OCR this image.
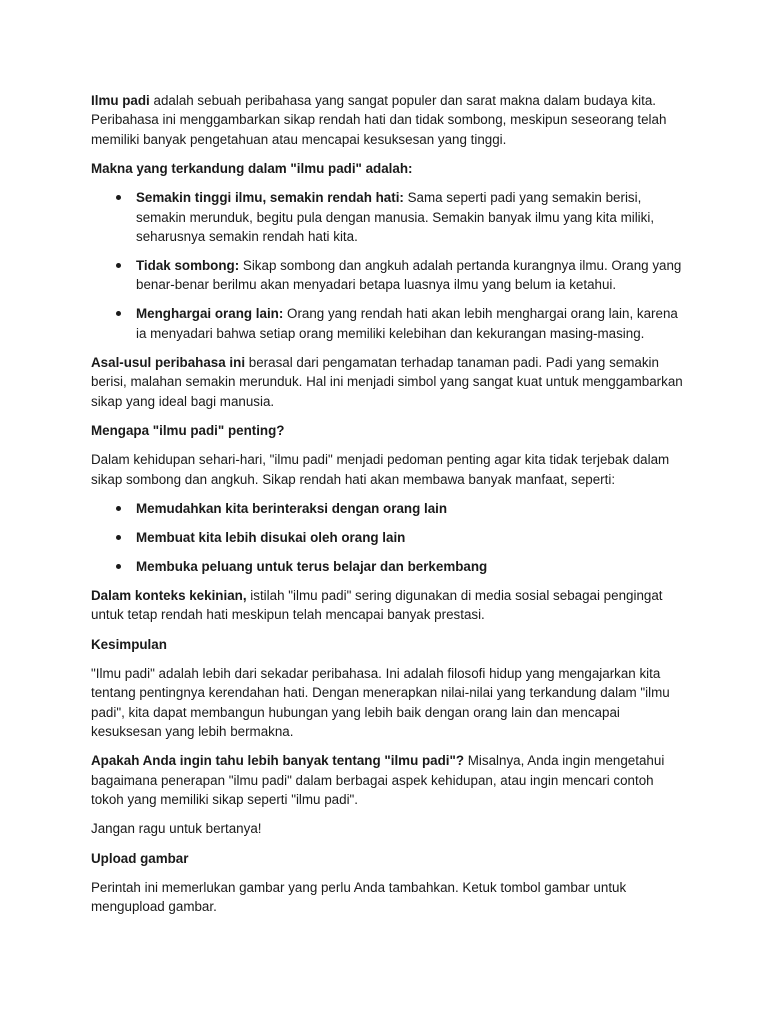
Ilmu padi adalah sebuah peribahasa yang sangat populer dan sarat makna dalam budaya kita. Peribahasa ini menggambarkan sikap rendah hati dan tidak sombong, meskipun seseorang telah memiliki banyak pengetahuan atau mencapai kesuksesan yang tinggi.

Makna yang terkandung dalam "ilmu padi" adalah:

Semakin tinggi ilmu, semakin rendah hati: Sama seperti padi yang semakin berisi, semakin merunduk, begitu pula dengan manusia. Semakin banyak ilmu yang kita miliki, seharusnya semakin rendah hati kita.
Tidak sombong: Sikap sombong dan angkuh adalah pertanda kurangnya ilmu. Orang yang benar-benar berilmu akan menyadari betapa luasnya ilmu yang belum ia ketahui.
Menghargai orang lain: Orang yang rendah hati akan lebih menghargai orang lain, karena ia menyadari bahwa setiap orang memiliki kelebihan dan kekurangan masing-masing.

Asal-usul peribahasa ini berasal dari pengamatan terhadap tanaman padi. Padi yang semakin berisi, malahan semakin merunduk. Hal ini menjadi simbol yang sangat kuat untuk menggambarkan sikap yang ideal bagi manusia.

Mengapa "ilmu padi" penting?

Dalam kehidupan sehari-hari, "ilmu padi" menjadi pedoman penting agar kita tidak terjebak dalam sikap sombong dan angkuh. Sikap rendah hati akan membawa banyak manfaat, seperti:

Memudahkan kita berinteraksi dengan orang lain
Membuat kita lebih disukai oleh orang lain
Membuka peluang untuk terus belajar dan berkembang

Dalam konteks kekinian, istilah "ilmu padi" sering digunakan di media sosial sebagai pengingat untuk tetap rendah hati meskipun telah mencapai banyak prestasi.

Kesimpulan

"Ilmu padi" adalah lebih dari sekadar peribahasa. Ini adalah filosofi hidup yang mengajarkan kita tentang pentingnya kerendahan hati. Dengan menerapkan nilai-nilai yang terkandung dalam "ilmu padi", kita dapat membangun hubungan yang lebih baik dengan orang lain dan mencapai kesuksesan yang lebih bermakna.

Apakah Anda ingin tahu lebih banyak tentang "ilmu padi"? Misalnya, Anda ingin mengetahui bagaimana penerapan "ilmu padi" dalam berbagai aspek kehidupan, atau ingin mencari contoh tokoh yang memiliki sikap seperti "ilmu padi".

Jangan ragu untuk bertanya!

Upload gambar

Perintah ini memerlukan gambar yang perlu Anda tambahkan. Ketuk tombol gambar untuk mengupload gambar.
